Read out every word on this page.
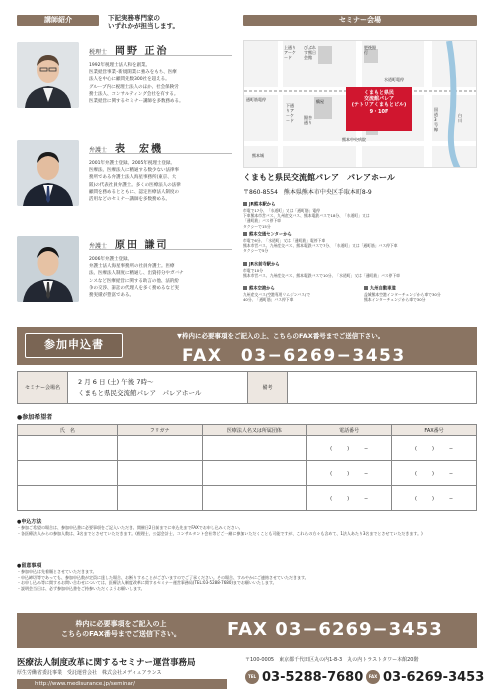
講師紹介	下記実務専門家の
いずれかが担当します。
セミナー会場
税理士 岡野 正治
1992年税理士法人和を創業。
医業経営事業･新規開業に強みをもち、医療
法人を中心に顧問先数300社を超える。
グループ内に税理士法人のほか、社会保険労
務士法人、コンサルティング会社を有する。
医業経営に関するセミナー講師を多数務める。
弁護士 表　宏機
2001年弁護士登録。2005年税理士登録。
医療法、医療法人に精通する数少ない法律事
務所である弁護士法人海星事務所(東京、大
阪)の代表社員弁護士。多くの医療法人の法律
顧問を務めるとともに、認定医療法人制度の
活用などのセミナー講師を多数務める。
弁護士 原田 謙司
2006年弁護士登録。
弁護士法人海星事務所の社員弁護士。医療
法、医療法人制度に精通し、出資持分やガバナ
ンスなど医療経営に関する助言の他、法的紛
争の交渉、訴訟の代理人を多く務めるなど実
務実績が豊富である。
上通りアーケード
びぷれす熊日会館
肥後銀行
水道町電停
通町筋電停
下通りアーケード
鶴屋
銀杏通り
熊本城
熊本中央病院
白川
国道3号線
くまもと県民
交流館パレア
(テトリアくまもとビル)
9・10F
くまもと県民交流館パレア　パレアホール
〒860-8554　熊本県熊本市中央区手取本町8-9
JR熊本駅から
市電で17分、「水道町」又は「通町筋」電停
下車熊本市営バス、九州産交バス、熊本電鉄バスで18分、「水道町」又は「通町筋」バス停下車
タクシーで15分
熊本交通センターから
市電で6分、「水道町」又は「通町筋」電停下車
熊本市営バス、九州産交バス、熊本電鉄バスで7分、「水道町」又は「通町筋」バス停下車
タクシーで5分
JR水前寺駅から
市電で10分
熊本市営バス、九州産交バス、熊本電鉄バスで10分、「水道町」又は「通町筋」バス停下車
熊本空港から
九州産交バス(空港専用リムジンバス)で
40分、「通町筋」バス停下車
九州自動車道
益城熊本空港インターチェンジから車で30分
熊本インターチェンジから車で30分
参加申込書
▼枠内に必要事項をご記入の上、こちらのFAX番号までご送信下さい。
FAX　03−6269−3453
セミナー会場名	
2 月 6 日 (土) 午後 7時〜
くまもと県民交流館パレア　パレアホール
	備考	
●参加希望者
氏　名	フリガナ	医療法人名又は所属団体	電話番号	FAX番号
			(　　　)　　　−	(　　　)　　　−
			(　　　)　　　−	(　　　)　　　−
			(　　　)　　　−	(　　　)　　　−
●申込方法
・参加ご希望の場合は、参加申込書に必要事項をご記入いただき、開催日2日前までに申込先までFAXでお申し込みください。
・各医療法人からの参加人数は、3名までとさせていただきます。(税理士、公認会計士、コンサルタント会社等どご一緒に参加いただくことも可能ですが、これらの方々も含めて、1法人あたり3名までとさせていただきます。)
●留意事項
・参加申込は先着順とさせていただきます。
・申込締切等であっても、参加申込数が定員に達した場合、お断りすることがございますのでご了承ください。その場合、すみやかにご連絡させていただきます。
・お申し込み等に関するお問い合わせについては、医療法人制度改革に関するセミナー運営事務局(TEL:03-5288-7680)までお願いいたします。
・説明会当日は、必ず参加申込書をご持参いただくようお願いします。
枠内に必要事項をご記入の上
こちらのFAX番号までご送信下さい。	FAX 03−6269−3453
医療法人制度改革に関するセミナー運営事務局
厚生労働省委託事業　受託運営会社　株式会社メディュアランス
http://www.medisurance.jp/seminar/
〒100-0005　東京都千代田区丸の内1-8-3　丸の内トラストタワー本館20階
TEL 03-5288-7680	FAX 03-6269-3453
